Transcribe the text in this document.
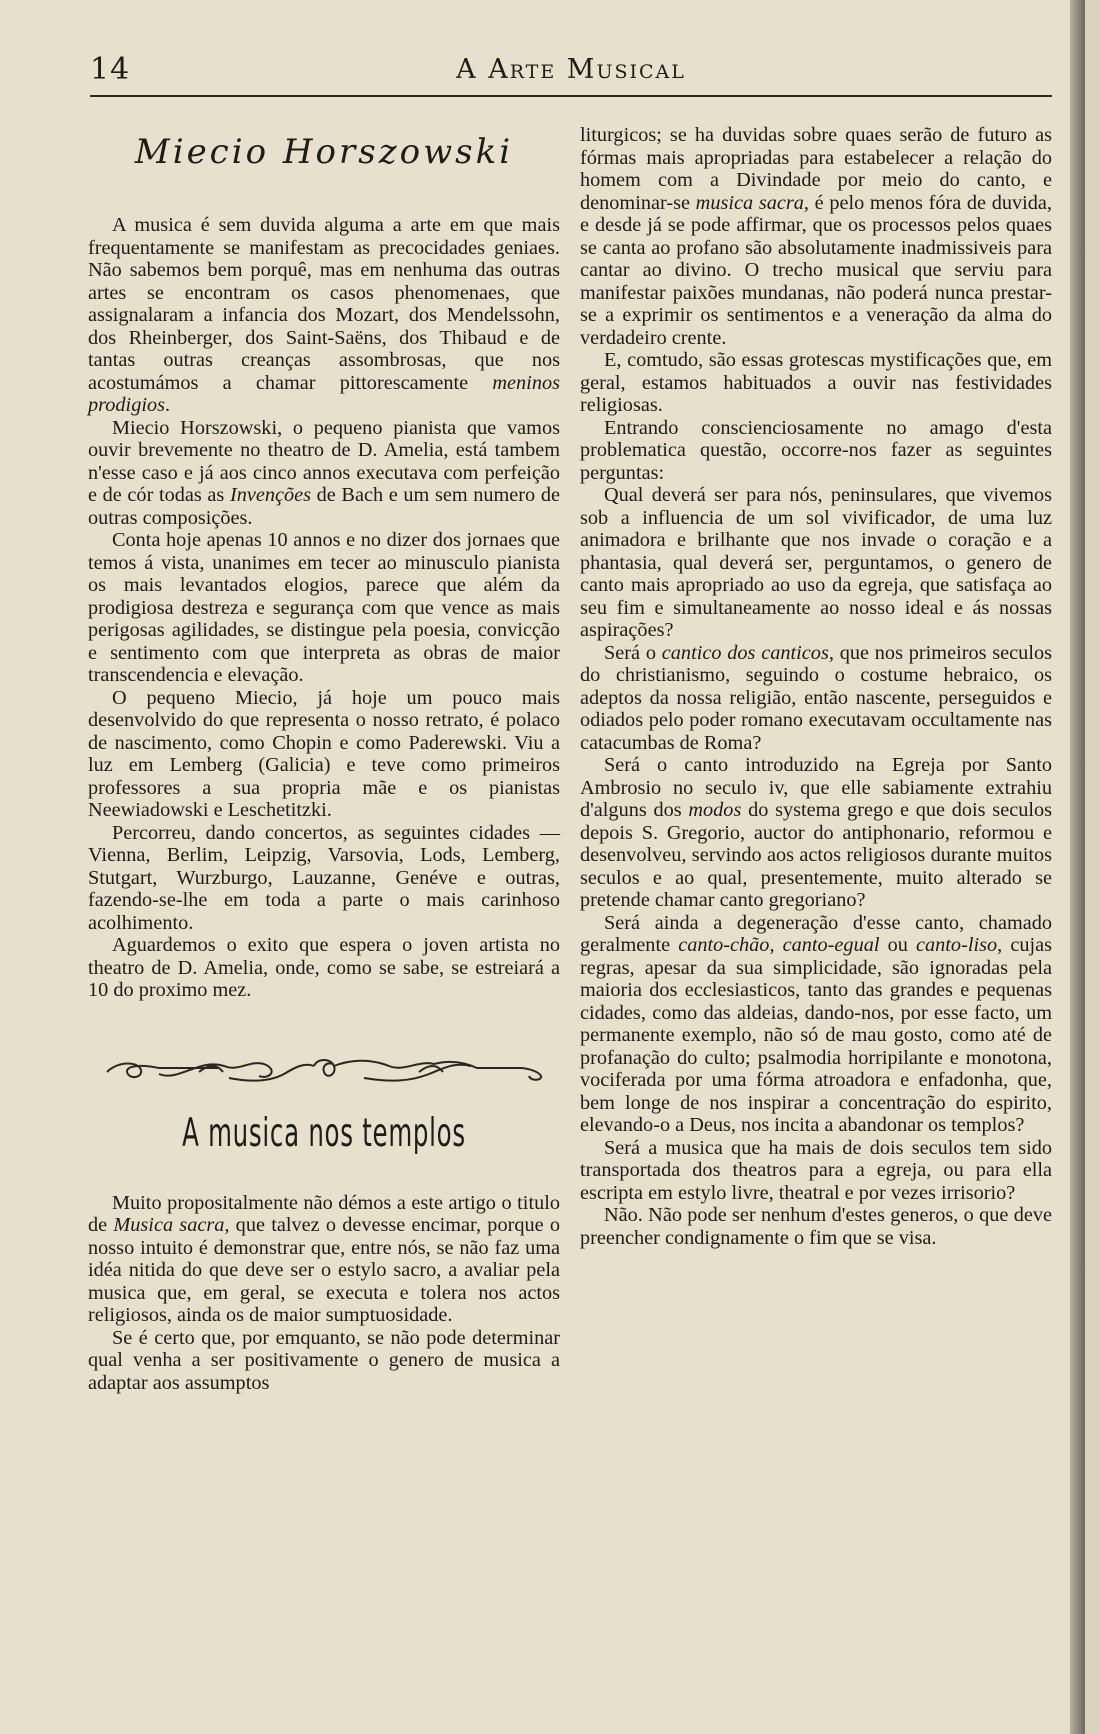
14	A Arte Musical
Miecio Horszowski

A musica é sem duvida alguma a arte em que mais frequentamente se manifestam as precocidades geniaes. Não sabemos bem porquê, mas em nenhuma das outras artes se encontram os casos phenomenaes, que assignalaram a infancia dos Mozart, dos Mendelssohn, dos Rheinberger, dos Saint-Saëns, dos Thibaud e de tantas outras creanças assombrosas, que nos acostumámos a chamar pittorescamente meninos prodigios.

Miecio Horszowski, o pequeno pianista que vamos ouvir brevemente no theatro de D. Amelia, está tambem n'esse caso e já aos cinco annos executava com perfeição e de cór todas as Invenções de Bach e um sem numero de outras composições.

Conta hoje apenas 10 annos e no dizer dos jornaes que temos á vista, unanimes em tecer ao minusculo pianista os mais levantados elogios, parece que além da prodigiosa destreza e segurança com que vence as mais perigosas agilidades, se distingue pela poesia, convicção e sentimento com que interpreta as obras de maior transcendencia e elevação.

O pequeno Miecio, já hoje um pouco mais desenvolvido do que representa o nosso retrato, é polaco de nascimento, como Chopin e como Paderewski. Viu a luz em Lemberg (Galicia) e teve como primeiros professores a sua propria mãe e os pianistas Neewiadowski e Leschetitzki.

Percorreu, dando concertos, as seguintes cidades — Vienna, Berlim, Leipzig, Varsovia, Lods, Lemberg, Stutgart, Wurzburgo, Lauzanne, Genéve e outras, fazendo-se-lhe em toda a parte o mais carinhoso acolhimento.

Aguardemos o exito que espera o joven artista no theatro de D. Amelia, onde, como se sabe, se estreiará a 10 do proximo mez.

A musica nos templos

Muito propositalmente não démos a este artigo o titulo de Musica sacra, que talvez o devesse encimar, porque o nosso intuito é demonstrar que, entre nós, se não faz uma idéa nitida do que deve ser o estylo sacro, a avaliar pela musica que, em geral, se executa e tolera nos actos religiosos, ainda os de maior sumptuosidade.

Se é certo que, por emquanto, se não pode determinar qual venha a ser positivamente o genero de musica a adaptar aos assumptos

liturgicos; se ha duvidas sobre quaes serão de futuro as fórmas mais apropriadas para estabelecer a relação do homem com a Divindade por meio do canto, e denominar-se musica sacra, é pelo menos fóra de duvida, e desde já se pode affirmar, que os processos pelos quaes se canta ao profano são absolutamente inadmissiveis para cantar ao divino. O trecho musical que serviu para manifestar paixões mundanas, não poderá nunca prestar-se a exprimir os sentimentos e a veneração da alma do verdadeiro crente.

E, comtudo, são essas grotescas mystificações que, em geral, estamos habituados a ouvir nas festividades religiosas.

Entrando conscienciosamente no amago d'esta problematica questão, occorre-nos fazer as seguintes perguntas:

Qual deverá ser para nós, peninsulares, que vivemos sob a influencia de um sol vivificador, de uma luz animadora e brilhante que nos invade o coração e a phantasia, qual deverá ser, perguntamos, o genero de canto mais apropriado ao uso da egreja, que satisfaça ao seu fim e simultaneamente ao nosso ideal e ás nossas aspirações?

Será o cantico dos canticos, que nos primeiros seculos do christianismo, seguindo o costume hebraico, os adeptos da nossa religião, então nascente, perseguidos e odiados pelo poder romano executavam occultamente nas catacumbas de Roma?

Será o canto introduzido na Egreja por Santo Ambrosio no seculo iv, que elle sabiamente extrahiu d'alguns dos modos do systema grego e que dois seculos depois S. Gregorio, auctor do antiphonario, reformou e desenvolveu, servindo aos actos religiosos durante muitos seculos e ao qual, presentemente, muito alterado se pretende chamar canto gregoriano?

Será ainda a degeneração d'esse canto, chamado geralmente canto-chão, canto-egual ou canto-liso, cujas regras, apesar da sua simplicidade, são ignoradas pela maioria dos ecclesiasticos, tanto das grandes e pequenas cidades, como das aldeias, dando-nos, por esse facto, um permanente exemplo, não só de mau gosto, como até de profanação do culto; psalmodia horripilante e monotona, vociferada por uma fórma atroadora e enfadonha, que, bem longe de nos inspirar a concentração do espirito, elevando-o a Deus, nos incita a abandonar os templos?

Será a musica que ha mais de dois seculos tem sido transportada dos theatros para a egreja, ou para ella escripta em estylo livre, theatral e por vezes irrisorio?

Não. Não pode ser nenhum d'estes generos, o que deve preencher condignamente o fim que se visa.
